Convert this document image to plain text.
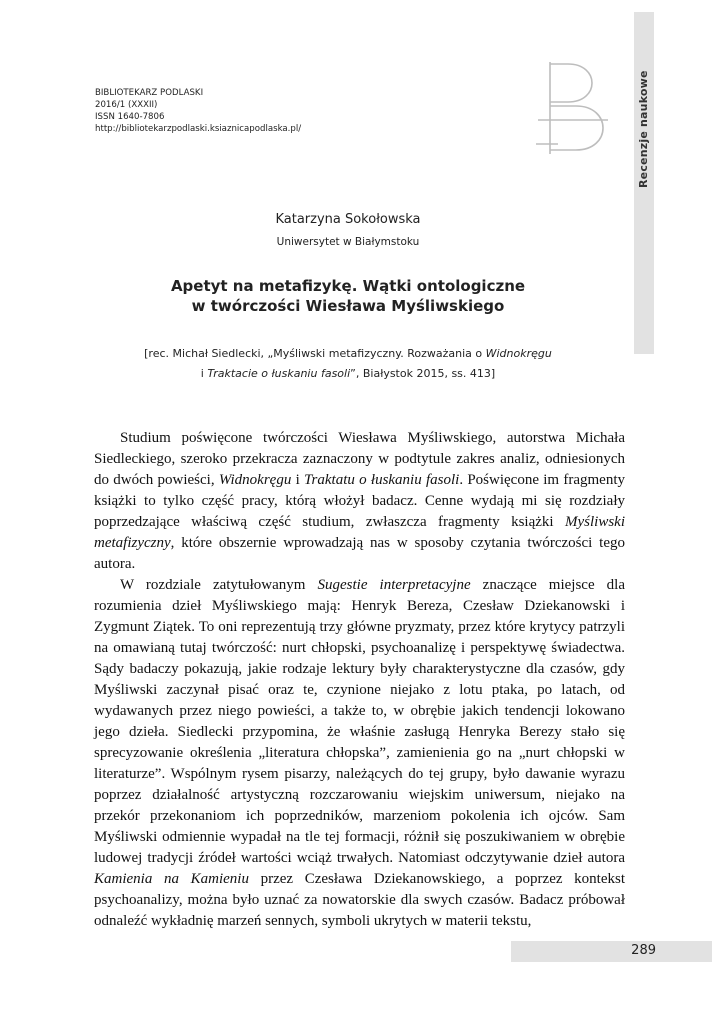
BIBLIOTEKARZ PODLASKI
2016/1 (XXXII)
ISSN 1640-7806
http://bibliotekarzpodlaski.ksiaznicapodlaska.pl/	Recenzje naukowe
Katarzyna Sokołowska
Uniwersytet w Białymstoku
Apetyt na metafizykę. Wątki ontologiczne
w twórczości Wiesława Myśliwskiego
[rec. Michał Siedlecki, „Myśliwski metafizyczny. Rozważania o Widnokręgu
i Traktacie o łuskaniu fasoli”, Białystok 2015, ss. 413]

Studium poświęcone twórczości Wiesława Myśliwskiego, autorstwa Michała Siedleckiego, szeroko przekracza zaznaczony w podtytule zakres analiz, odniesionych do dwóch powieści, Widnokręgu i Traktatu o łuskaniu fasoli. Poświęcone im fragmenty książki to tylko część pracy, którą włożył badacz. Cenne wydają mi się rozdziały poprzedzające właściwą część studium, zwłaszcza fragmenty książki Myśliwski metafizyczny, które obszernie wprowadzają nas w sposoby czytania twórczości tego autora.

W rozdziale zatytułowanym Sugestie interpretacyjne znaczące miejsce dla rozumienia dzieł Myśliwskiego mają: Henryk Bereza, Czesław Dziekanowski i Zygmunt Ziątek. To oni reprezentują trzy główne pryzmaty, przez które krytycy patrzyli na omawianą tutaj twórczość: nurt chłopski, psychoanalizę i perspektywę świadectwa. Sądy badaczy pokazują, jakie rodzaje lektury były charakterystyczne dla czasów, gdy Myśliwski zaczynał pisać oraz te, czynione niejako z lotu ptaka, po latach, od wydawanych przez niego powieści, a także to, w obrębie jakich tendencji lokowano jego dzieła. Siedlecki przypomina, że właśnie zasługą Henryka Berezy stało się sprecyzowanie określenia „literatura chłopska”, zamienienia go na „nurt chłopski w literaturze”. Wspólnym rysem pisarzy, należących do tej grupy, było dawanie wyrazu poprzez działalność artystyczną rozczarowaniu wiejskim uniwersum, niejako na przekór przekonaniom ich poprzedników, marzeniom pokolenia ich ojców. Sam Myśliwski odmiennie wypadał na tle tej formacji, różnił się poszukiwaniem w obrębie ludowej tradycji źródeł wartości wciąż trwałych. Natomiast odczytywanie dzieł autora Kamienia na Kamieniu przez Czesława Dziekanowskiego, a poprzez kontekst psychoanalizy, można było uznać za nowatorskie dla swych czasów. Badacz próbował odnaleźć wykładnię marzeń sennych, symboli ukrytych w materii tekstu,

289
